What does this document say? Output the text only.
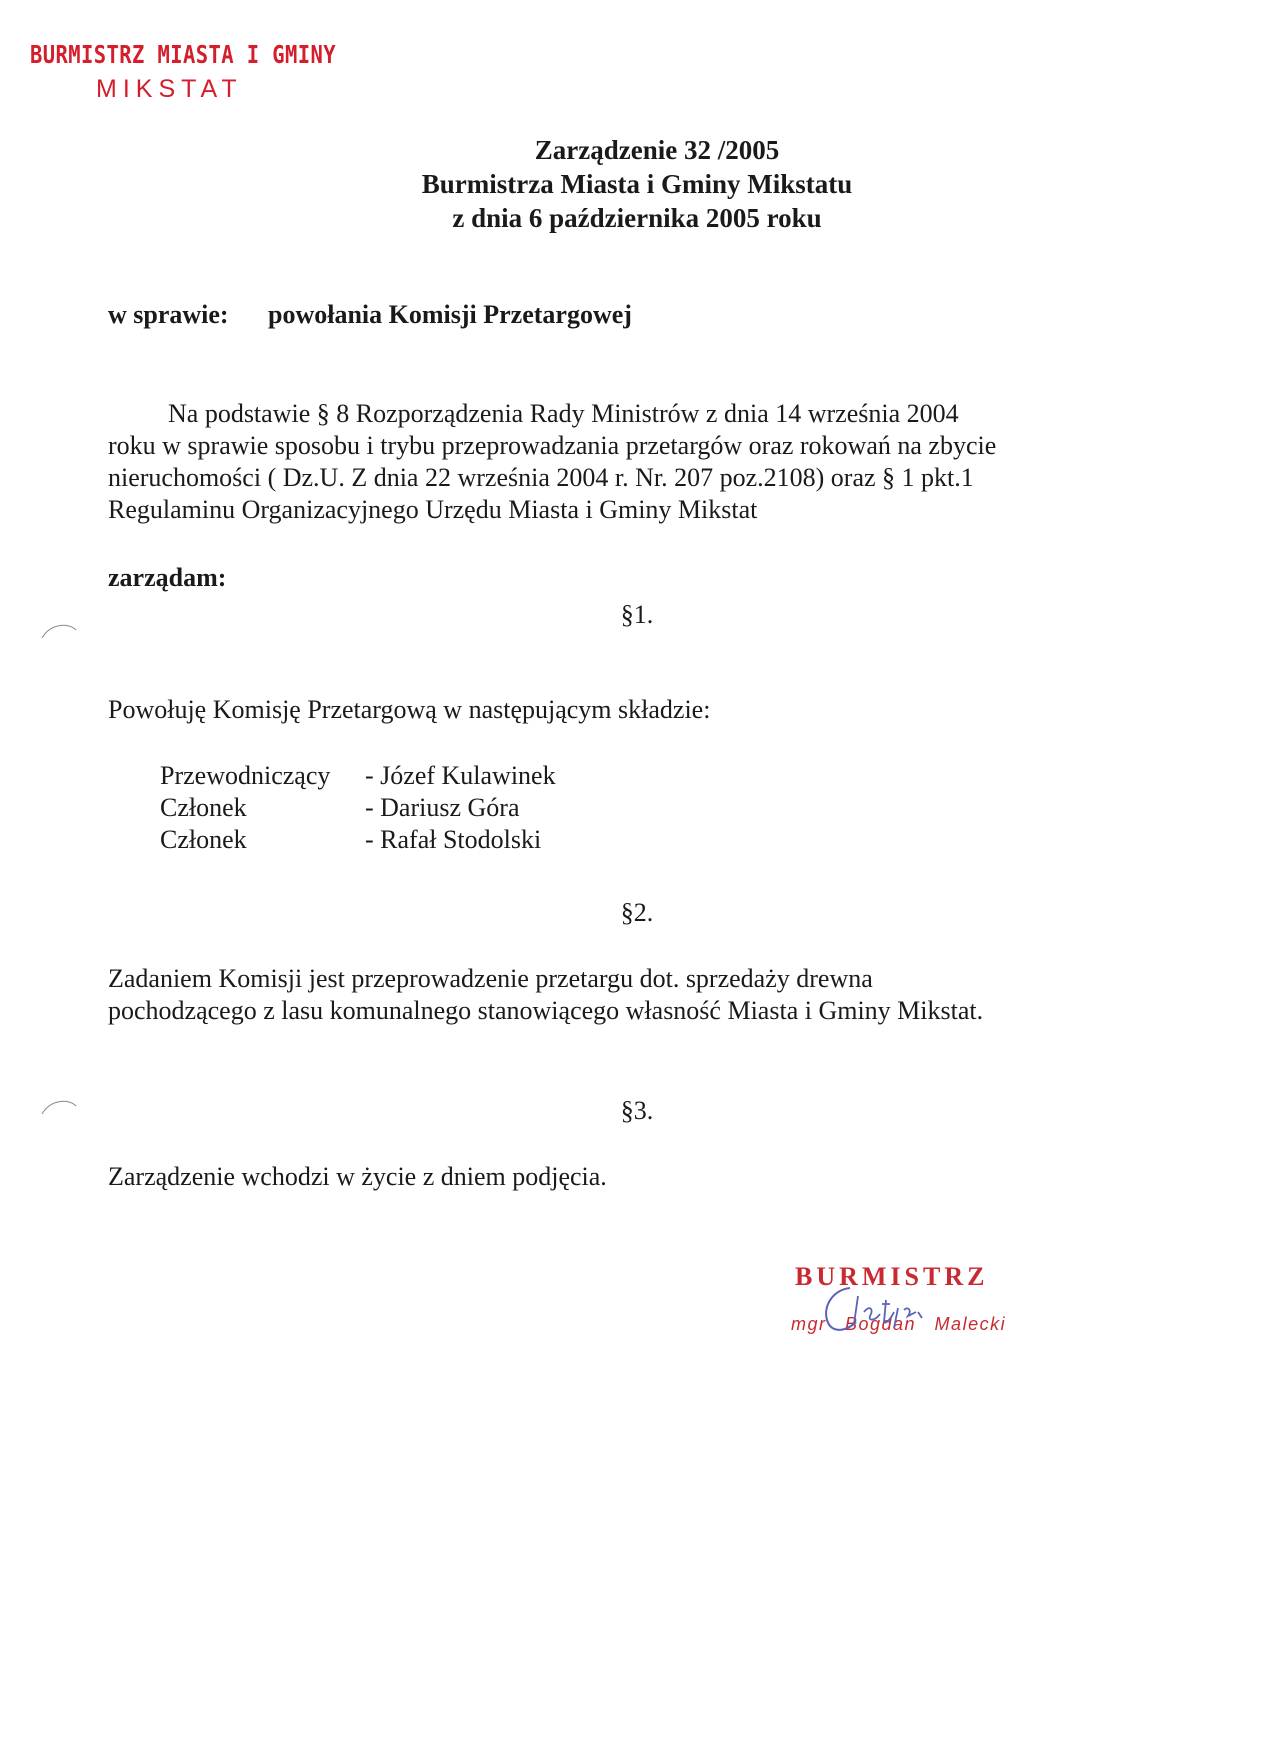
BURMISTRZ MIASTA I GMINY
MIKSTAT
Zarządzenie 32 /2005
Burmistrza Miasta i Gminy Mikstatu
z dnia 6 października 2005 roku
w sprawie: powołania Komisji Przetargowej

Na podstawie § 8 Rozporządzenia Rady Ministrów z dnia 14 września 2004

roku w sprawie sposobu i trybu przeprowadzania przetargów oraz rokowań na zbycie

nieruchomości ( Dz.U. Z dnia 22 września 2004 r. Nr. 207 poz.2108) oraz § 1 pkt.1

Regulaminu Organizacyjnego Urzędu Miasta i Gminy Mikstat

zarządam:
§1.

Powołuję Komisję Przetargową w następującym składzie:

Przewodniczący - Józef Kulawinek
Członek	- Dariusz Góra
Członek	- Rafał Stodolski
§2.

Zadaniem Komisji jest przeprowadzenie przetargu dot. sprzedaży drewna

pochodzącego z lasu komunalnego stanowiącego własność Miasta i Gminy Mikstat.

§3.

Zarządzenie wchodzi w życie z dniem podjęcia.

BURMISTRZ
mgr Bogdan Malecki
